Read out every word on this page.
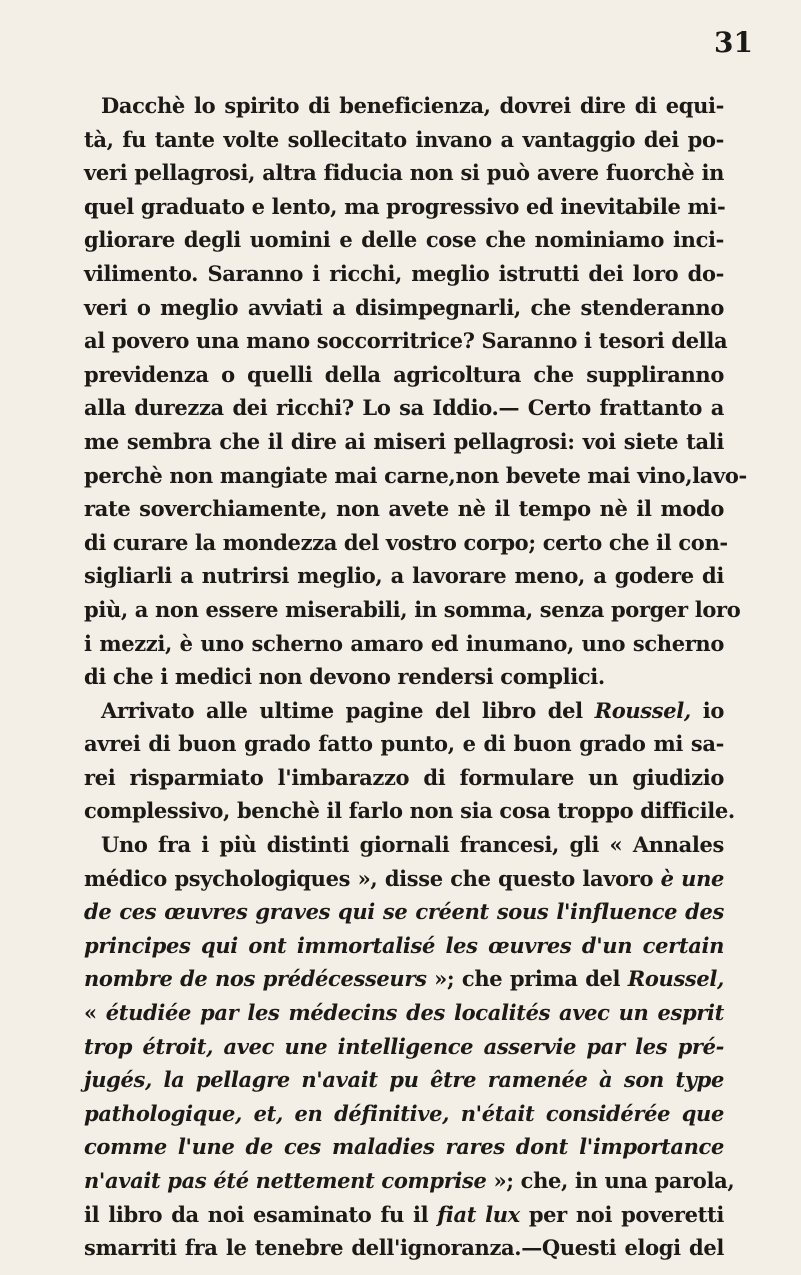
31
Dacchè lo spirito di beneficienza, dovrei dire di equi-
tà, fu tante volte sollecitato invano a vantaggio dei po-
veri pellagrosi, altra fiducia non si può avere fuorchè in
quel graduato e lento, ma progressivo ed inevitabile mi-
gliorare degli uomini e delle cose che nominiamo inci-
vilimento. Saranno i ricchi, meglio istrutti dei loro do-
veri o meglio avviati a disimpegnarli, che stenderanno
al povero una mano soccorritrice? Saranno i tesori della
previdenza o quelli della agricoltura che suppliranno
alla durezza dei ricchi? Lo sa Iddio.— Certo frattanto a
me sembra che il dire ai miseri pellagrosi: voi siete tali
perchè non mangiate mai carne,non bevete mai vino,lavo-
rate soverchiamente, non avete nè il tempo nè il modo
di curare la mondezza del vostro corpo; certo che il con-
sigliarli a nutrirsi meglio, a lavorare meno, a godere di
più, a non essere miserabili, in somma, senza porger loro
i mezzi, è uno scherno amaro ed inumano, uno scherno
di che i medici non devono rendersi complici.
Arrivato alle ultime pagine del libro del Roussel, io
avrei di buon grado fatto punto, e di buon grado mi sa-
rei risparmiato l'imbarazzo di formulare un giudizio
complessivo, benchè il farlo non sia cosa troppo difficile.
Uno fra i più distinti giornali francesi, gli « Annales
médico psychologiques », disse che questo lavoro è une
de ces œuvres graves qui se créent sous l'influence des
principes qui ont immortalisé les œuvres d'un certain
nombre de nos prédécesseurs »; che prima del Roussel,
« étudiée par les médecins des localités avec un esprit
trop étroit, avec une intelligence asservie par les pré-
jugés, la pellagre n'avait pu être ramenée à son type
pathologique, et, en définitive, n'était considérée que
comme l'une de ces maladies rares dont l'importance
n'avait pas été nettement comprise »; che, in una parola,
il libro da noi esaminato fu il fiat lux per noi poveretti
smarriti fra le tenebre dell'ignoranza.—Questi elogi del
